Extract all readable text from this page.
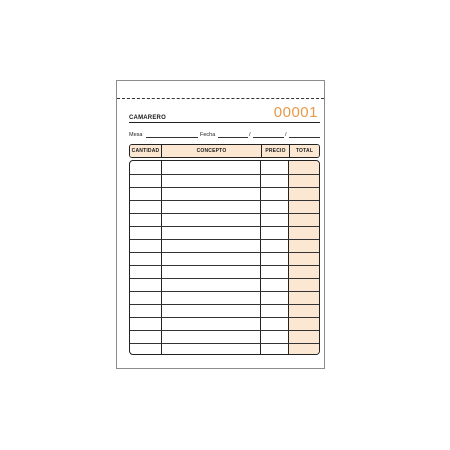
00001
CAMARERO
Mesa	Fecha	/	/
CANTIDAD	CONCEPTO	PRECIO	TOTAL
